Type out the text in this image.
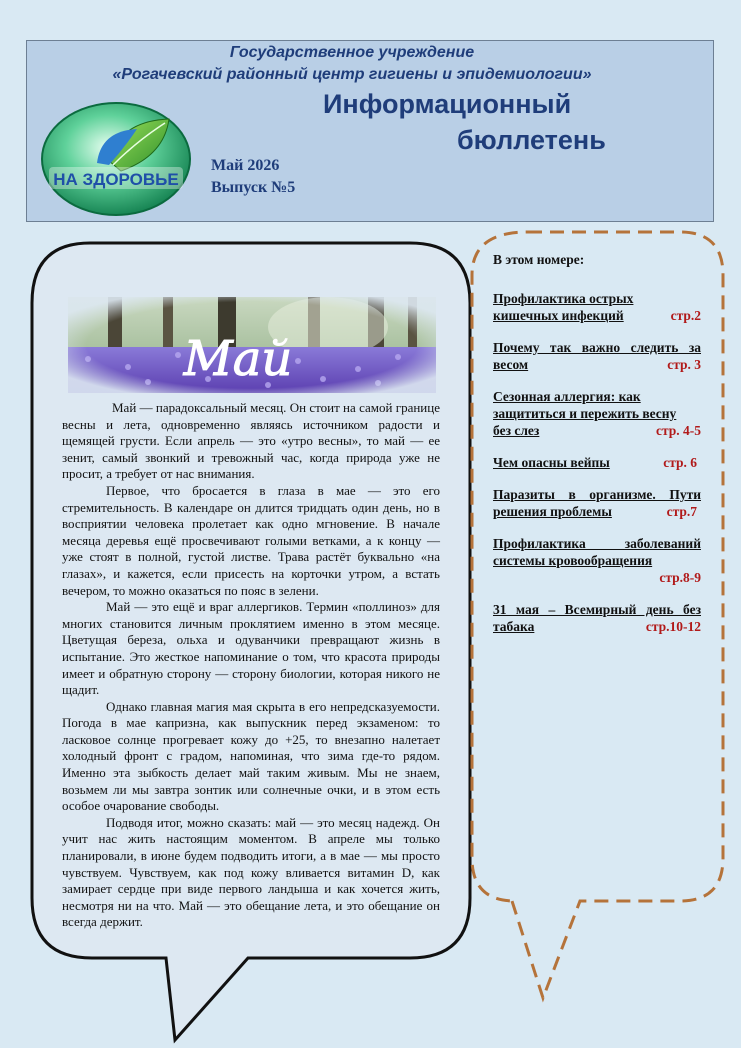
Государственное учреждение
«Рогачевский районный центр гигиены и эпидемиологии»
Информационный
бюллетень
Май 2026
Выпуск №5
НА ЗДОРОВЬЕ

Май — парадоксальный месяц. Он стоит на самой границе весны и лета, одновременно являясь источником радости и щемящей грусти. Если апрель — это «утро весны», то май — ее зенит, самый звонкий и тревожный час, когда природа уже не просит, а требует от нас внимания.

Первое, что бросается в глаза в мае — это его стремительность. В календаре он длится тридцать один день, но в восприятии человека пролетает как одно мгновение. В начале месяца деревья ещё просвечивают голыми ветками, а к концу — уже стоят в полной, густой листве. Трава растёт буквально «на глазах», и кажется, если присесть на корточки утром, а встать вечером, то можно оказаться по пояс в зелени.

Май — это ещё и враг аллергиков. Термин «поллиноз» для многих становится личным проклятием именно в этом месяце. Цветущая береза, ольха и одуванчики превращают жизнь в испытание. Это жесткое напоминание о том, что красота природы имеет и обратную сторону — сторону биологии, которая никого не щадит.

Однако главная магия мая скрыта в его непредсказуемости. Погода в мае капризна, как выпускник перед экзаменом: то ласковое солнце прогревает кожу до +25, то внезапно налетает холодный фронт с градом, напоминая, что зима где-то рядом. Именно эта зыбкость делает май таким живым. Мы не знаем, возьмем ли мы завтра зонтик или солнечные очки, и в этом есть особое очарование свободы.

Подводя итог, можно сказать: май — это месяц надежд. Он учит нас жить настоящим моментом. В апреле мы только планировали, в июне будем подводить итоги, а в мае — мы просто чувствуем. Чувствуем, как под кожу вливается витамин D, как замирает сердце при виде первого ландыша и как хочется жить, несмотря ни на что. Май — это обещание лета, и это обещание он всегда держит.

В этом номере:
Профилактика острых
кишечных инфекций	стр.2
Почему так важно следить за
весом	стр. 3
Сезонная аллергия: как
защититься и пережить весну
без слез	стр. 4-5
Чем опасны вейпы	стр. 6
Паразиты в организме. Пути
решения проблемы	стр.7
Профилактика заболеваний
системы кровообращения
стр.8-9
31 мая – Всемирный день без
табака	стр.10-12
